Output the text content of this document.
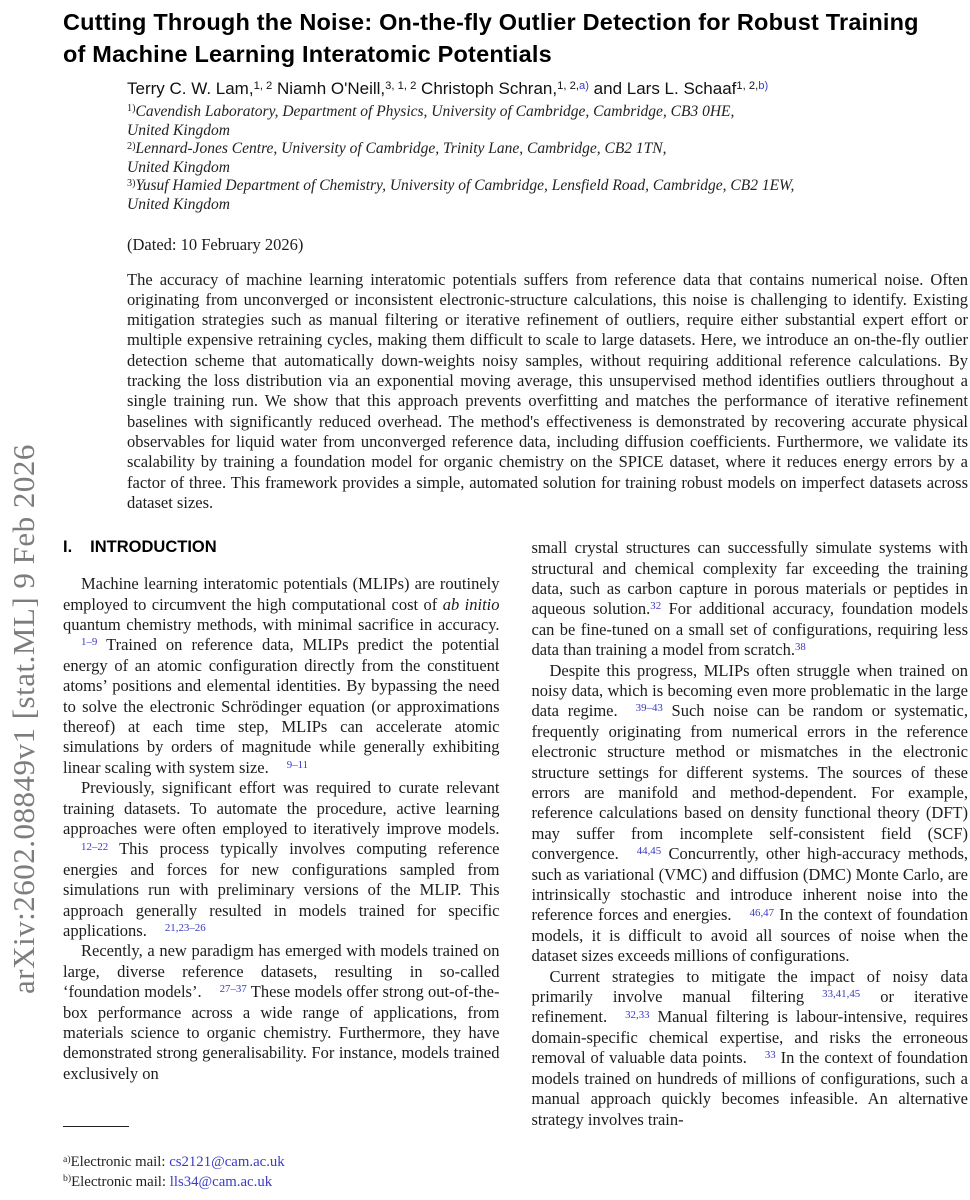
arXiv:2602.08849v1 [stat.ML] 9 Feb 2026
Cutting Through the Noise: On-the-fly Outlier Detection for Robust Training
of Machine Learning Interatomic Potentials
Terry C. W. Lam,1, 2 Niamh O'Neill,3, 1, 2 Christoph Schran,1, 2,a) and Lars L. Schaaf1, 2,b)
1)Cavendish Laboratory, Department of Physics, University of Cambridge, Cambridge, CB3 0HE,
United Kingdom
2)Lennard-Jones Centre, University of Cambridge, Trinity Lane, Cambridge, CB2 1TN,
United Kingdom
3)Yusuf Hamied Department of Chemistry, University of Cambridge, Lensfield Road, Cambridge, CB2 1EW,
United Kingdom
(Dated: 10 February 2026)
The accuracy of machine learning interatomic potentials suffers from reference data that contains numerical noise. Often originating from unconverged or inconsistent electronic-structure calculations, this noise is challenging to identify. Existing mitigation strategies such as manual filtering or iterative refinement of outliers, require either substantial expert effort or multiple expensive retraining cycles, making them difficult to scale to large datasets. Here, we introduce an on-the-fly outlier detection scheme that automatically down-weights noisy samples, without requiring additional reference calculations. By tracking the loss distribution via an exponential moving average, this unsupervised method identifies outliers throughout a single training run. We show that this approach prevents overfitting and matches the performance of iterative refinement baselines with significantly reduced overhead. The method's effectiveness is demonstrated by recovering accurate physical observables for liquid water from unconverged reference data, including diffusion coefficients. Furthermore, we validate its scalability by training a foundation model for organic chemistry on the SPICE dataset, where it reduces energy errors by a factor of three. This framework provides a simple, automated solution for training robust models on imperfect datasets across dataset sizes.
I. INTRODUCTION
Machine learning interatomic potentials (MLIPs) are routinely employed to circumvent the high computational cost of ab initio quantum chemistry methods, with minimal sacrifice in accuracy.1–9 Trained on reference data, MLIPs predict the potential energy of an atomic configuration directly from the constituent atoms’ positions and elemental identities. By bypassing the need to solve the electronic Schrödinger equation (or approximations thereof) at each time step, MLIPs can accelerate atomic simulations by orders of magnitude while generally exhibiting linear scaling with system size. 9–11
Previously, significant effort was required to curate relevant training datasets. To automate the procedure, active learning approaches were often employed to iteratively improve models.12–22 This process typically involves computing reference energies and forces for new configurations sampled from simulations run with preliminary versions of the MLIP. This approach generally resulted in models trained for specific applications. 21,23–26
Recently, a new paradigm has emerged with models trained on large, diverse reference datasets, resulting in so-called ‘foundation models’. 27–37 These models offer strong out-of-the-box performance across a wide range of applications, from materials science to organic chemistry. Furthermore, they have demonstrated strong generalisability. For instance, models trained exclusively on
small crystal structures can successfully simulate systems with structural and chemical complexity far exceeding the training data, such as carbon capture in porous materials or peptides in aqueous solution.32 For additional accuracy, foundation models can be fine-tuned on a small set of configurations, requiring less data than training a model from scratch.38
Despite this progress, MLIPs often struggle when trained on noisy data, which is becoming even more problematic in the large data regime. 39–43 Such noise can be random or systematic, frequently originating from numerical errors in the reference electronic structure method or mismatches in the electronic structure settings for different systems. The sources of these errors are manifold and method-dependent. For example, reference calculations based on density functional theory (DFT) may suffer from incomplete self-consistent field (SCF) convergence. 44,45 Concurrently, other high-accuracy methods, such as variational (VMC) and diffusion (DMC) Monte Carlo, are intrinsically stochastic and introduce inherent noise into the reference forces and energies. 46,47 In the context of foundation models, it is difficult to avoid all sources of noise when the dataset sizes exceeds millions of configurations.
Current strategies to mitigate the impact of noisy data primarily involve manual filtering 33,41,45 or iterative refinement. 32,33 Manual filtering is labour-intensive, requires domain-specific chemical expertise, and risks the erroneous removal of valuable data points. 33 In the context of foundation models trained on hundreds of millions of configurations, such a manual approach quickly becomes infeasible. An alternative strategy involves train-
a)Electronic mail: cs2121@cam.ac.uk
b)Electronic mail: lls34@cam.ac.uk
